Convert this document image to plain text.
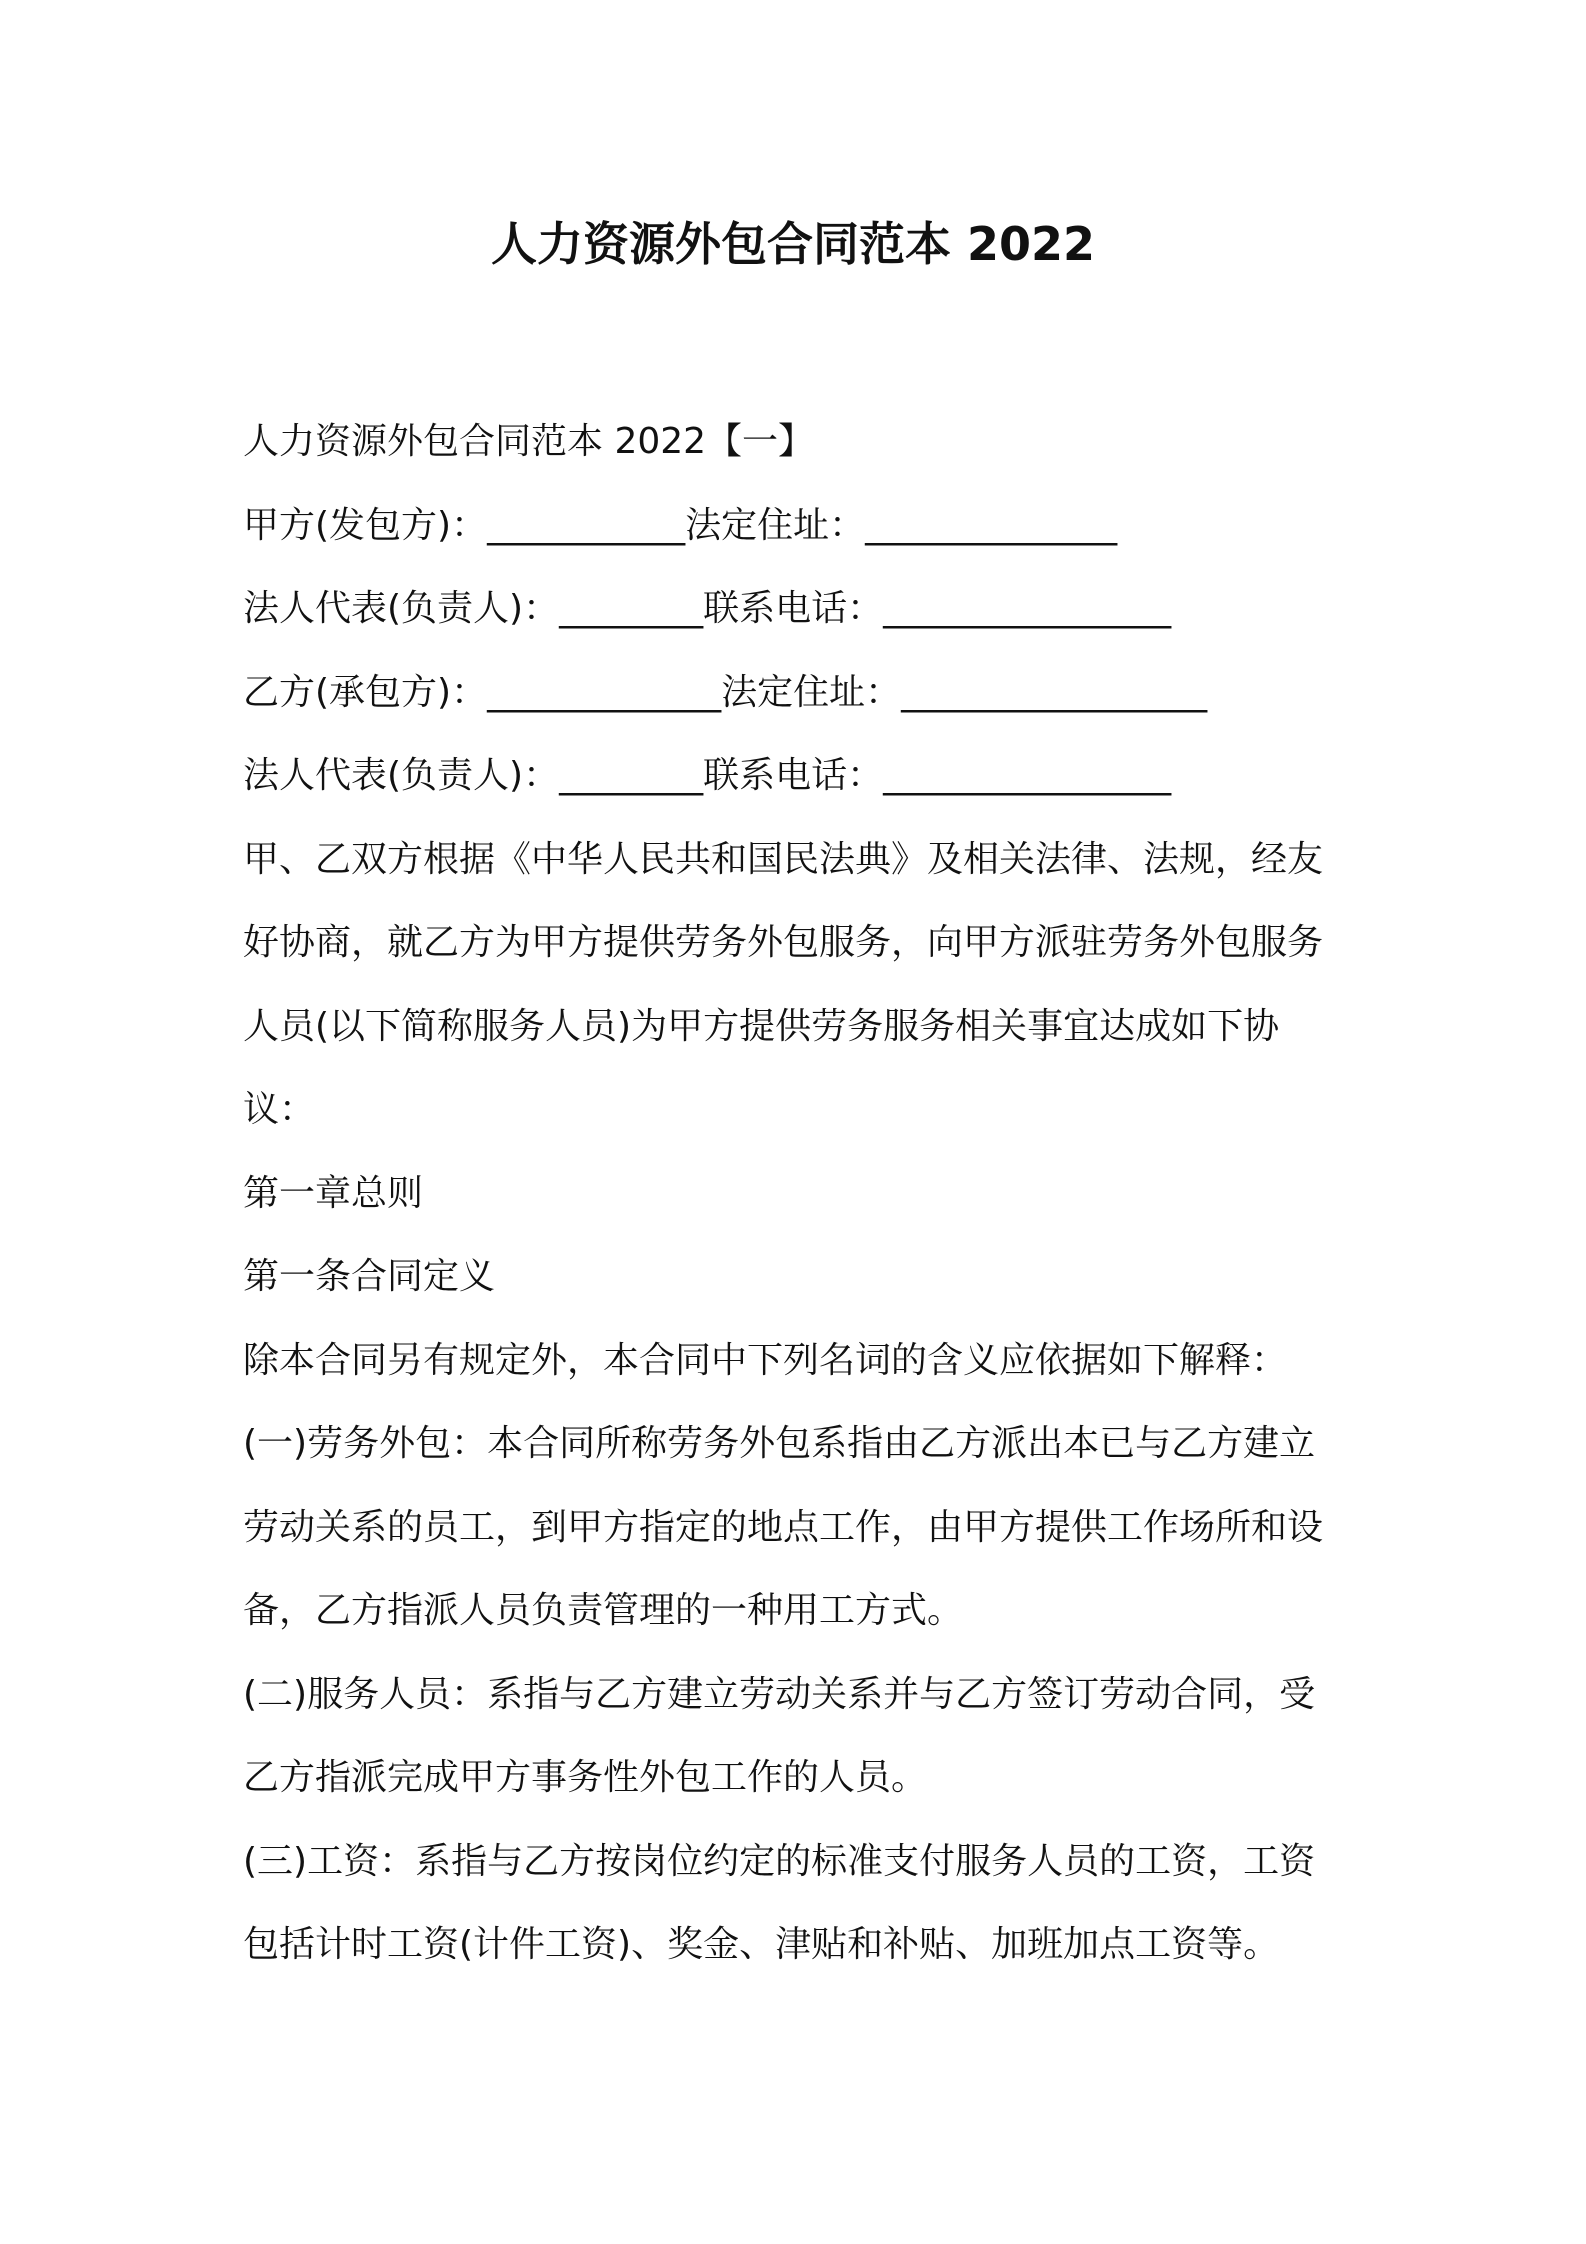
人力资源外包合同范本 2022

人力资源外包合同范本 2022【一】

甲方(发包方)：___________法定住址：______________

法人代表(负责人)：________联系电话：________________

乙方(承包方)：_____________法定住址：_________________

法人代表(负责人)：________联系电话：________________

甲、乙双方根据《中华人民共和国民法典》及相关法律、法规，经友

好协商，就乙方为甲方提供劳务外包服务，向甲方派驻劳务外包服务

人员(以下简称服务人员)为甲方提供劳务服务相关事宜达成如下协

议：

第一章总则

第一条合同定义

除本合同另有规定外，本合同中下列名词的含义应依据如下解释：

(一)劳务外包：本合同所称劳务外包系指由乙方派出本已与乙方建立

劳动关系的员工，到甲方指定的地点工作，由甲方提供工作场所和设

备，乙方指派人员负责管理的一种用工方式。

(二)服务人员：系指与乙方建立劳动关系并与乙方签订劳动合同，受

乙方指派完成甲方事务性外包工作的人员。

(三)工资：系指与乙方按岗位约定的标准支付服务人员的工资，工资

包括计时工资(计件工资)、奖金、津贴和补贴、加班加点工资等。
